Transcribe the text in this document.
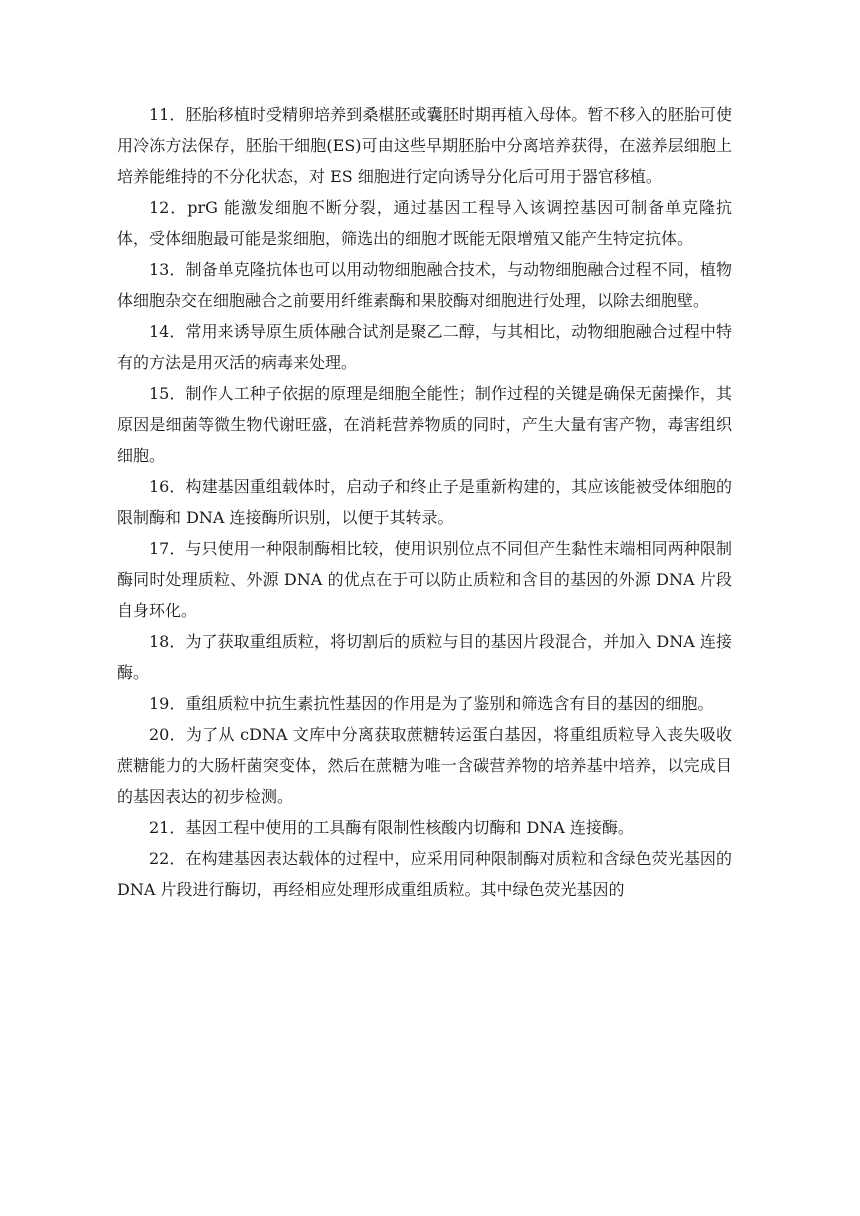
11．胚胎移植时受精卵培养到桑椹胚或囊胚时期再植入母体。暂不移入的胚胎可使用冷冻方法保存，胚胎干细胞(ES)可由这些早期胚胎中分离培养获得，在滋养层细胞上培养能维持的不分化状态，对 ES 细胞进行定向诱导分化后可用于器官移植。

12．prG 能激发细胞不断分裂，通过基因工程导入该调控基因可制备单克隆抗体，受体细胞最可能是浆细胞，筛选出的细胞才既能无限增殖又能产生特定抗体。

13．制备单克隆抗体也可以用动物细胞融合技术，与动物细胞融合过程不同，植物体细胞杂交在细胞融合之前要用纤维素酶和果胶酶对细胞进行处理，以除去细胞壁。

14．常用来诱导原生质体融合试剂是聚乙二醇，与其相比，动物细胞融合过程中特有的方法是用灭活的病毒来处理。

15．制作人工种子依据的原理是细胞全能性；制作过程的关键是确保无菌操作，其原因是细菌等微生物代谢旺盛，在消耗营养物质的同时，产生大量有害产物，毒害组织细胞。

16．构建基因重组载体时，启动子和终止子是重新构建的，其应该能被受体细胞的限制酶和 DNA 连接酶所识别，以便于其转录。

17．与只使用一种限制酶相比较，使用识别位点不同但产生黏性末端相同两种限制酶同时处理质粒、外源 DNA 的优点在于可以防止质粒和含目的基因的外源 DNA 片段自身环化。

18．为了获取重组质粒，将切割后的质粒与目的基因片段混合，并加入 DNA 连接酶。

19．重组质粒中抗生素抗性基因的作用是为了鉴别和筛选含有目的基因的细胞。

20．为了从 cDNA 文库中分离获取蔗糖转运蛋白基因，将重组质粒导入丧失吸收蔗糖能力的大肠杆菌突变体，然后在蔗糖为唯一含碳营养物的培养基中培养，以完成目的基因表达的初步检测。

21．基因工程中使用的工具酶有限制性核酸内切酶和 DNA 连接酶。

22．在构建基因表达载体的过程中，应采用同种限制酶对质粒和含绿色荧光基因的 DNA 片段进行酶切，再经相应处理形成重组质粒。其中绿色荧光基因的
